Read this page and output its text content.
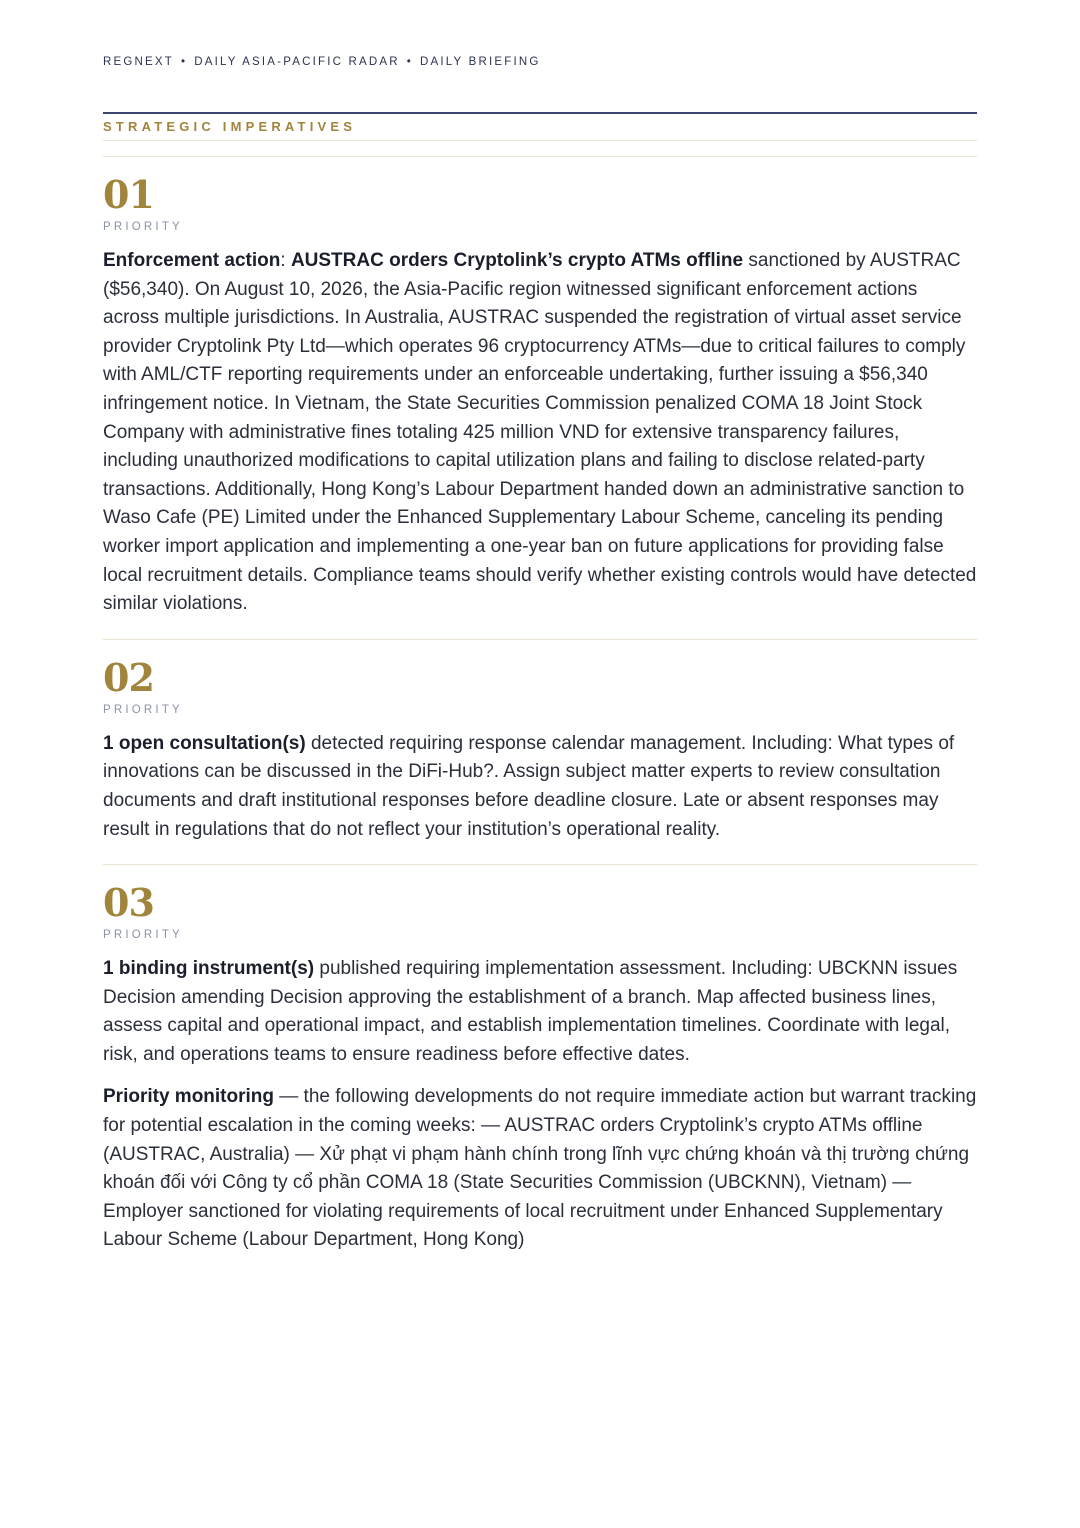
REGNEXT • DAILY ASIA-PACIFIC RADAR • DAILY BRIEFING
STRATEGIC IMPERATIVES
01
PRIORITY
Enforcement action: AUSTRAC orders Cryptolink’s crypto ATMs offline sanctioned by AUSTRAC ($56,340). On August 10, 2026, the Asia-Pacific region witnessed significant enforcement actions across multiple jurisdictions. In Australia, AUSTRAC suspended the registration of virtual asset service provider Cryptolink Pty Ltd—which operates 96 cryptocurrency ATMs—due to critical failures to comply with AML/CTF reporting requirements under an enforceable undertaking, further issuing a $56,340 infringement notice. In Vietnam, the State Securities Commission penalized COMA 18 Joint Stock Company with administrative fines totaling 425 million VND for extensive transparency failures, including unauthorized modifications to capital utilization plans and failing to disclose related-party transactions. Additionally, Hong Kong’s Labour Department handed down an administrative sanction to Waso Cafe (PE) Limited under the Enhanced Supplementary Labour Scheme, canceling its pending worker import application and implementing a one-year ban on future applications for providing false local recruitment details. Compliance teams should verify whether existing controls would have detected similar violations.
02
PRIORITY
1 open consultation(s) detected requiring response calendar management. Including: What types of innovations can be discussed in the DiFi-Hub?. Assign subject matter experts to review consultation documents and draft institutional responses before deadline closure. Late or absent responses may result in regulations that do not reflect your institution’s operational reality.
03
PRIORITY
1 binding instrument(s) published requiring implementation assessment. Including: UBCKNN issues Decision amending Decision approving the establishment of a branch. Map affected business lines, assess capital and operational impact, and establish implementation timelines. Coordinate with legal, risk, and operations teams to ensure readiness before effective dates.
Priority monitoring — the following developments do not require immediate action but warrant tracking for potential escalation in the coming weeks: — AUSTRAC orders Cryptolink’s crypto ATMs offline (AUSTRAC, Australia) — Xử phạt vi phạm hành chính trong lĩnh vực chứng khoán và thị trường chứng khoán đối với Công ty cổ phần COMA 18 (State Securities Commission (UBCKNN), Vietnam) — Employer sanctioned for violating requirements of local recruitment under Enhanced Supplementary Labour Scheme (Labour Department, Hong Kong)
